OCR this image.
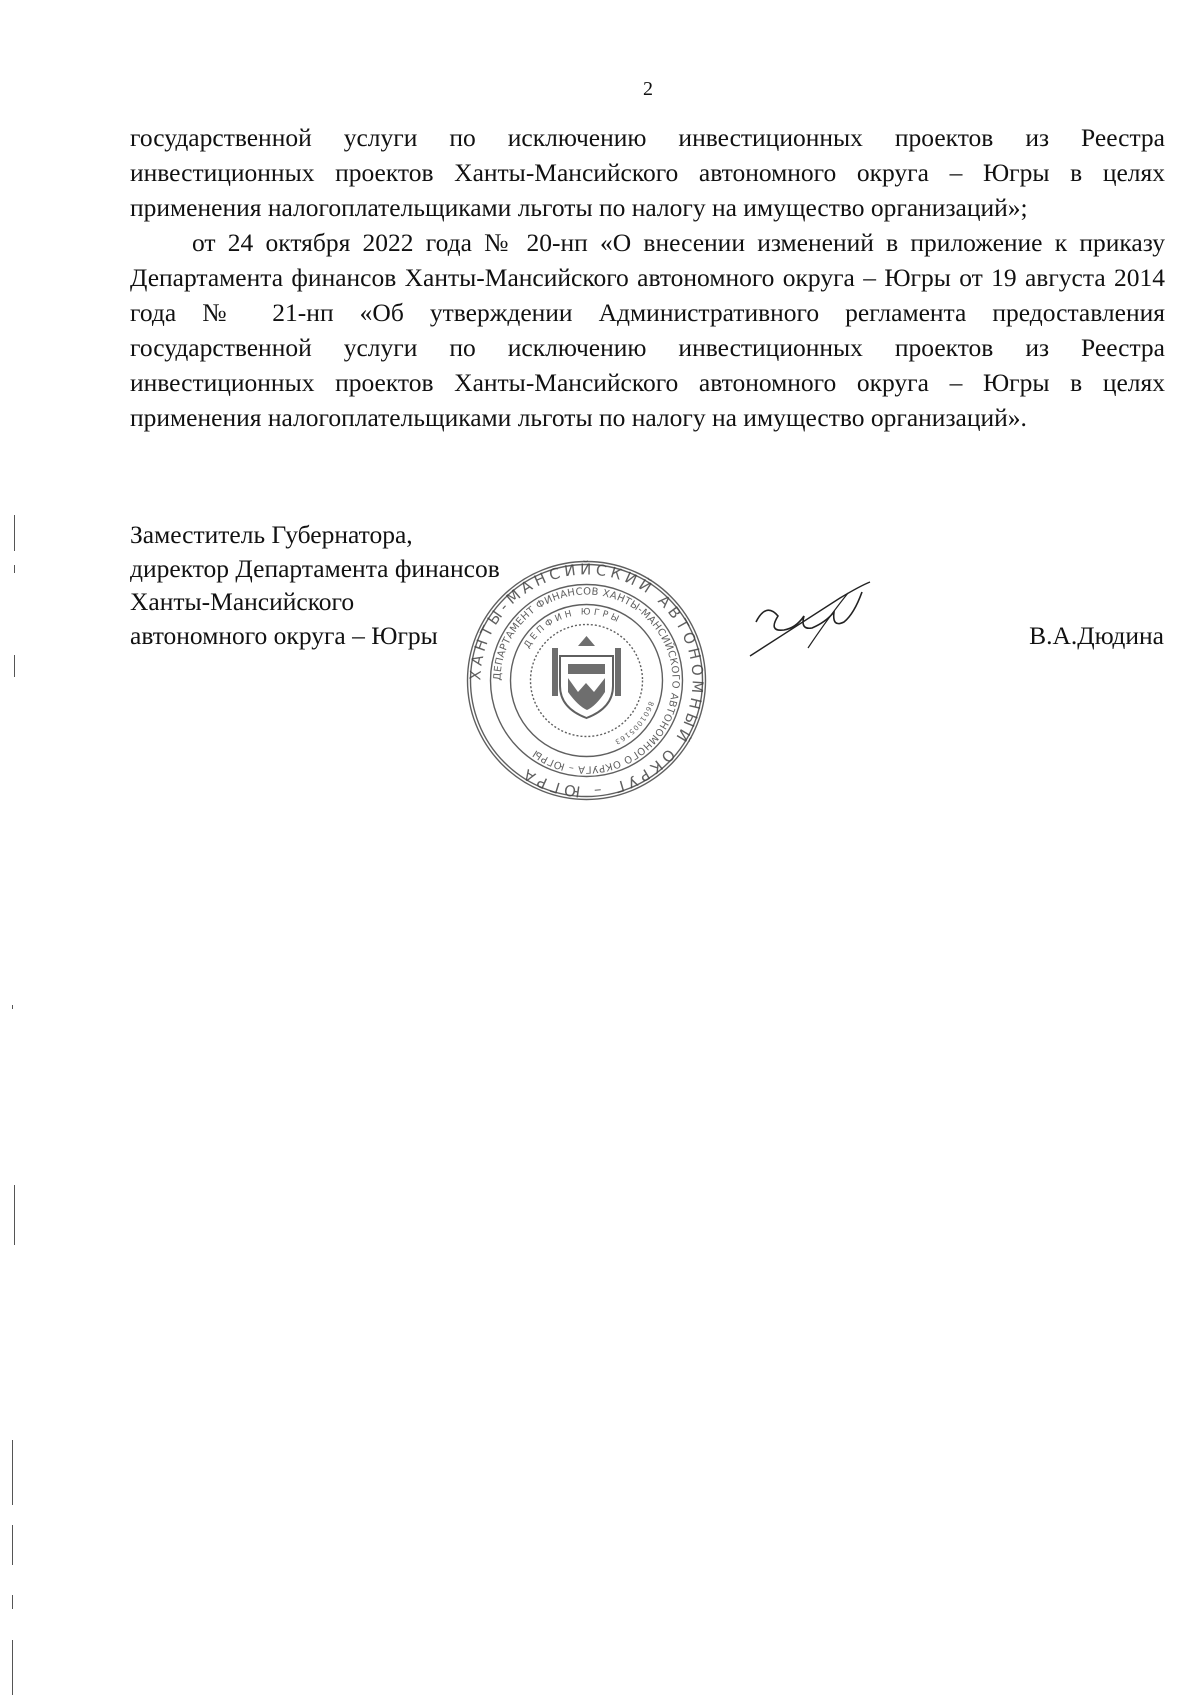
2

государственной услуги по исключению инвестиционных проектов из Реестра инвестиционных проектов Ханты-Мансийского автономного округа – Югры в целях применения налогоплательщиками льготы по налогу на имущество организаций»;

от 24 октября 2022 года № 20-нп «О внесении изменений в приложение к приказу Департамента финансов Ханты-Мансийского автономного округа – Югры от 19 августа 2014 года № 21-нп «Об утверждении Административного регламента предоставления государственной услуги по исключению инвестиционных проектов из Реестра инвестиционных проектов Ханты-Мансийского автономного округа – Югры в целях применения налогоплательщиками льготы по налогу на имущество организаций».

Заместитель Губернатора,
директор Департамента финансов
Ханты-Мансийского
автономного округа – Югры	В.А.Дюдина
ХАНТЫ-МАНСИЙСКИЙ АВТОНОМНЫЙ ОКРУГ – ЮГРА
ДЕПАРТАМЕНТ ФИНАНСОВ ХАНТЫ-МАНСИЙСКОГО АВТОНОМНОГО ОКРУГА – ЮГРЫ
ДЕПФИН ЮГРЫ
8601005163
